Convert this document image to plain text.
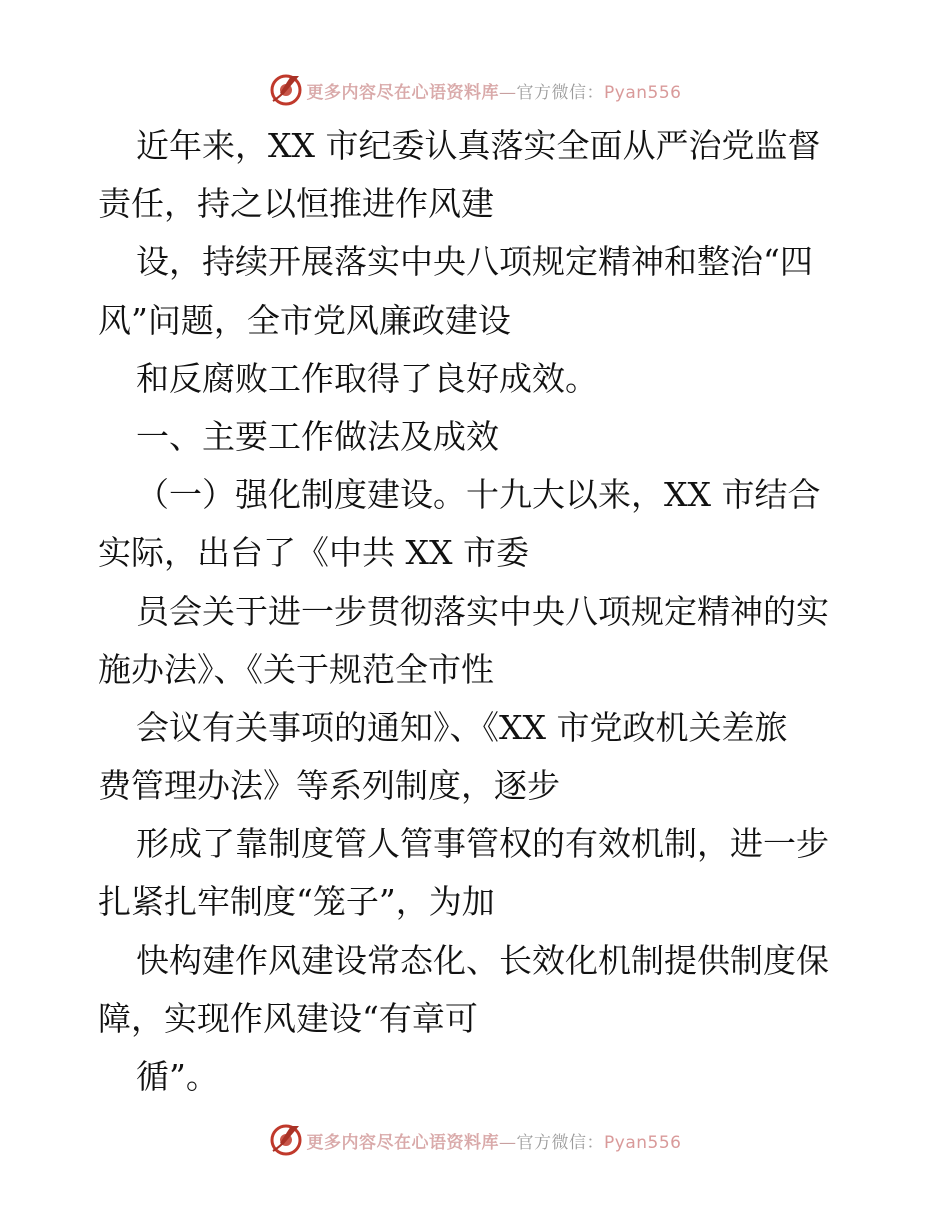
更多内容尽在心语资料库—官方微信：Pyan556
近年来，XX 市纪委认真落实全面从严治党监督
责任，持之以恒推进作风建
设，持续开展落实中央八项规定精神和整治“四
风”问题，全市党风廉政建设
和反腐败工作取得了良好成效。
一、主要工作做法及成效
（一）强化制度建设。十九大以来，XX 市结合
实际，出台了《中共 XX 市委
员会关于进一步贯彻落实中央八项规定精神的实
施办法》、《关于规范全市性
会议有关事项的通知》、《XX 市党政机关差旅
费管理办法》等系列制度，逐步
形成了靠制度管人管事管权的有效机制，进一步
扎紧扎牢制度“笼子”，为加
快构建作风建设常态化、长效化机制提供制度保
障，实现作风建设“有章可
循”。
更多内容尽在心语资料库—官方微信：Pyan556
